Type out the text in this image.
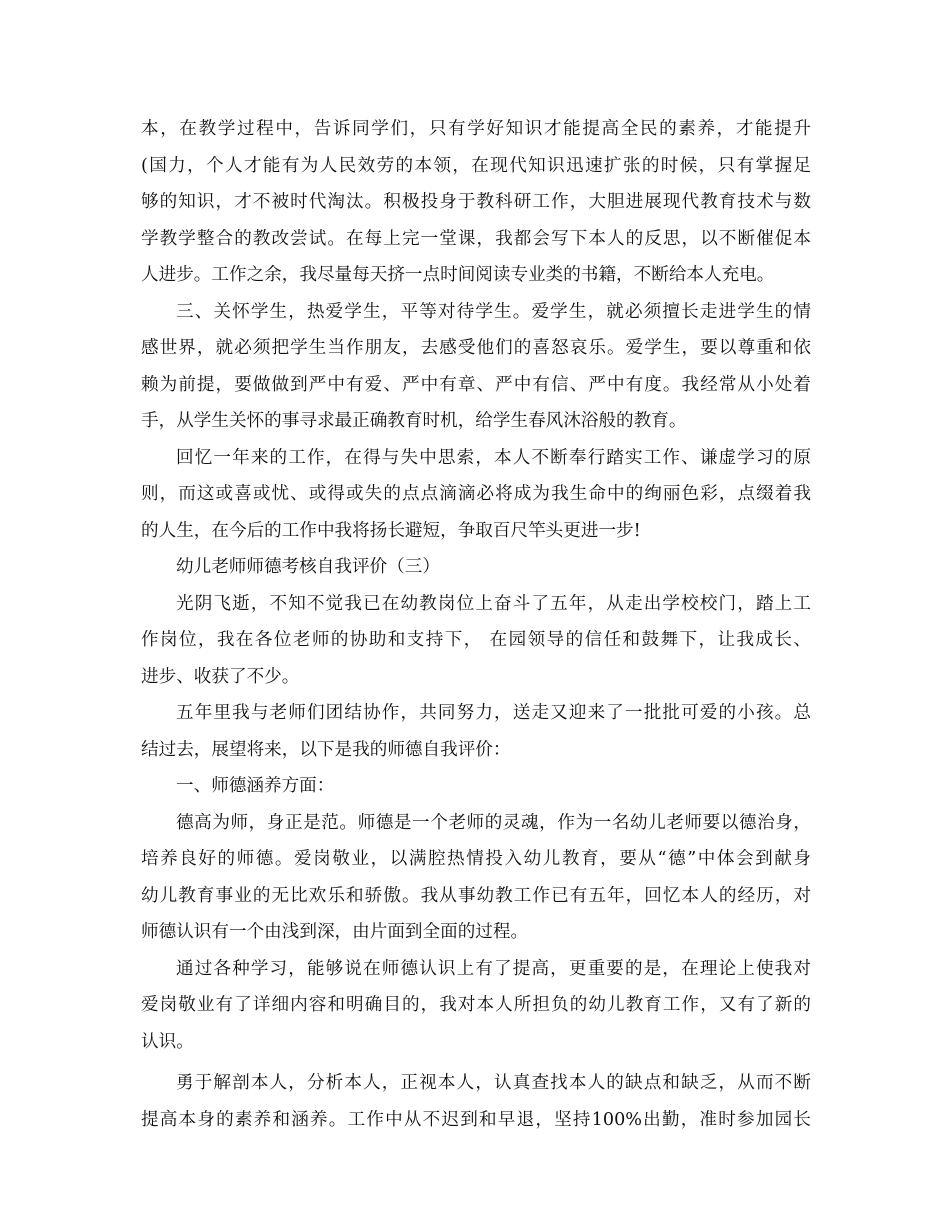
本，在教学过程中，告诉同学们，只有学好知识才能提高全民的素养，才能提升
(国力，个人才能有为人民效劳的本领，在现代知识迅速扩张的时候，只有掌握足
够的知识，才不被时代淘汰。积极投身于教科研工作，大胆进展现代教育技术与数
学教学整合的教改尝试。在每上完一堂课，我都会写下本人的反思，以不断催促本
人进步。工作之余，我尽量每天挤一点时间阅读专业类的书籍，不断给本人充电。
三、关怀学生，热爱学生，平等对待学生。爱学生，就必须擅长走进学生的情
感世界，就必须把学生当作朋友，去感受他们的喜怒哀乐。爱学生，要以尊重和依
赖为前提，要做做到严中有爱、严中有章、严中有信、严中有度。我经常从小处着
手，从学生关怀的事寻求最正确教育时机，给学生春风沐浴般的教育。
回忆一年来的工作，在得与失中思索，本人不断奉行踏实工作、谦虚学习的原
则，而这或喜或忧、或得或失的点点滴滴必将成为我生命中的绚丽色彩，点缀着我
的人生，在今后的工作中我将扬长避短，争取百尺竿头更进一步!
幼儿老师师德考核自我评价（三）
光阴飞逝，不知不觉我已在幼教岗位上奋斗了五年，从走出学校校门，踏上工
作岗位，我在各位老师的协助和支持下， 在园领导的信任和鼓舞下，让我成长、
进步、收获了不少。
五年里我与老师们团结协作，共同努力，送走又迎来了一批批可爱的小孩。总
结过去，展望将来，以下是我的师德自我评价：
一、师德涵养方面：
德高为师，身正是范。师德是一个老师的灵魂，作为一名幼儿老师要以德治身，
培养良好的师德。爱岗敬业，以满腔热情投入幼儿教育，要从“德”中体会到献身
幼儿教育事业的无比欢乐和骄傲。我从事幼教工作已有五年，回忆本人的经历，对
师德认识有一个由浅到深，由片面到全面的过程。
通过各种学习，能够说在师德认识上有了提高，更重要的是，在理论上使我对
爱岗敬业有了详细内容和明确目的，我对本人所担负的幼儿教育工作，又有了新的
认识。
勇于解剖本人，分析本人，正视本人，认真查找本人的缺点和缺乏，从而不断
提高本身的素养和涵养。工作中从不迟到和早退，坚持100%出勤，准时参加园长
